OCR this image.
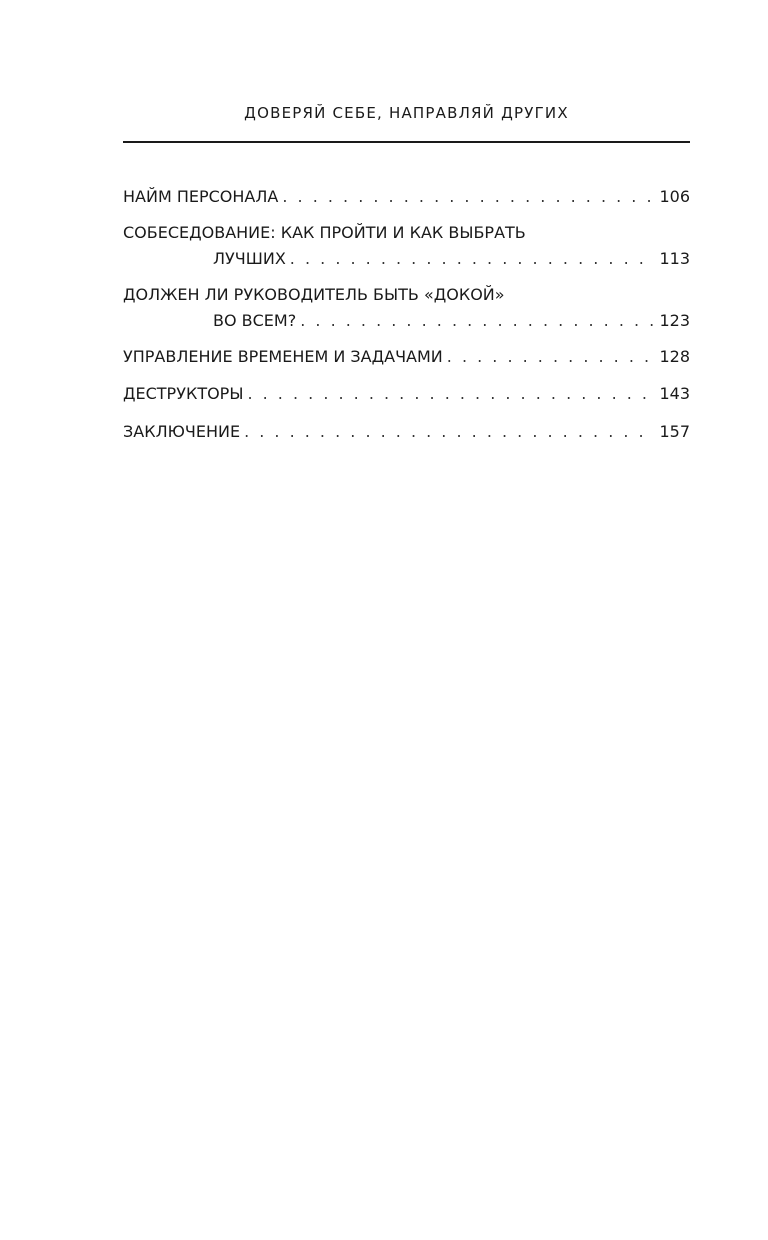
ДОВЕРЯЙ СЕБЕ, НАПРАВЛЯЙ ДРУГИХ
НАЙМ ПЕРСОНАЛА . . .	106
СОБЕСЕДОВАНИЕ: КАК ПРОЙТИ И КАК ВЫБРАТЬ
ЛУЧШИХ . . .	113
ДОЛЖЕН ЛИ РУКОВОДИТЕЛЬ БЫТЬ «ДОКОЙ»
ВО ВСЕМ? . . .	123
УПРАВЛЕНИЕ ВРЕМЕНЕМ И ЗАДАЧАМИ . . .	128
ДЕСТРУКТОРЫ . . .	143
ЗАКЛЮЧЕНИЕ . . .	157
